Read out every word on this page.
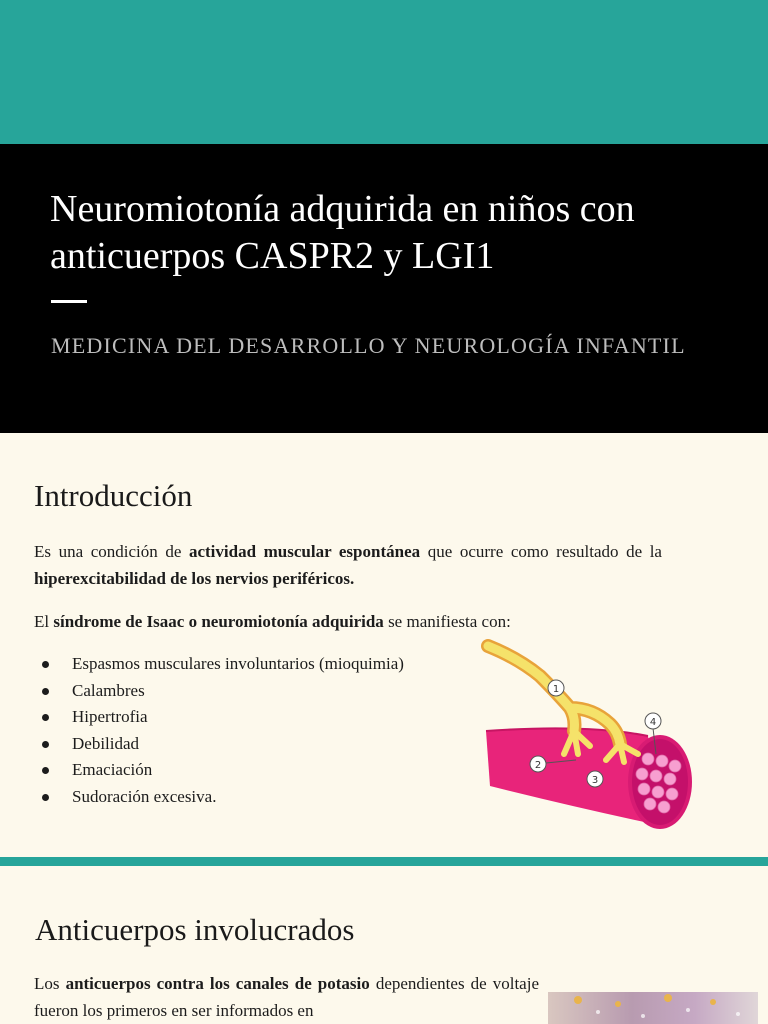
Neuromiotonía adquirida en niños con anticuerpos CASPR2 y LGI1
MEDICINA DEL DESARROLLO Y NEUROLOGÍA INFANTIL
Introducción

Es una condición de actividad muscular espontánea que ocurre como resultado de la hiperexcitabilidad de los nervios periféricos.

El síndrome de Isaac o neuromiotonía adquirida se manifiesta con:

Espasmos musculares involuntarios (mioquimia)
Calambres
Hipertrofia
Debilidad
Emaciación
Sudoración excesiva.
1
2
3
4
Anticuerpos involucrados

Los anticuerpos contra los canales de potasio dependientes de voltaje fueron los primeros en ser informados en
